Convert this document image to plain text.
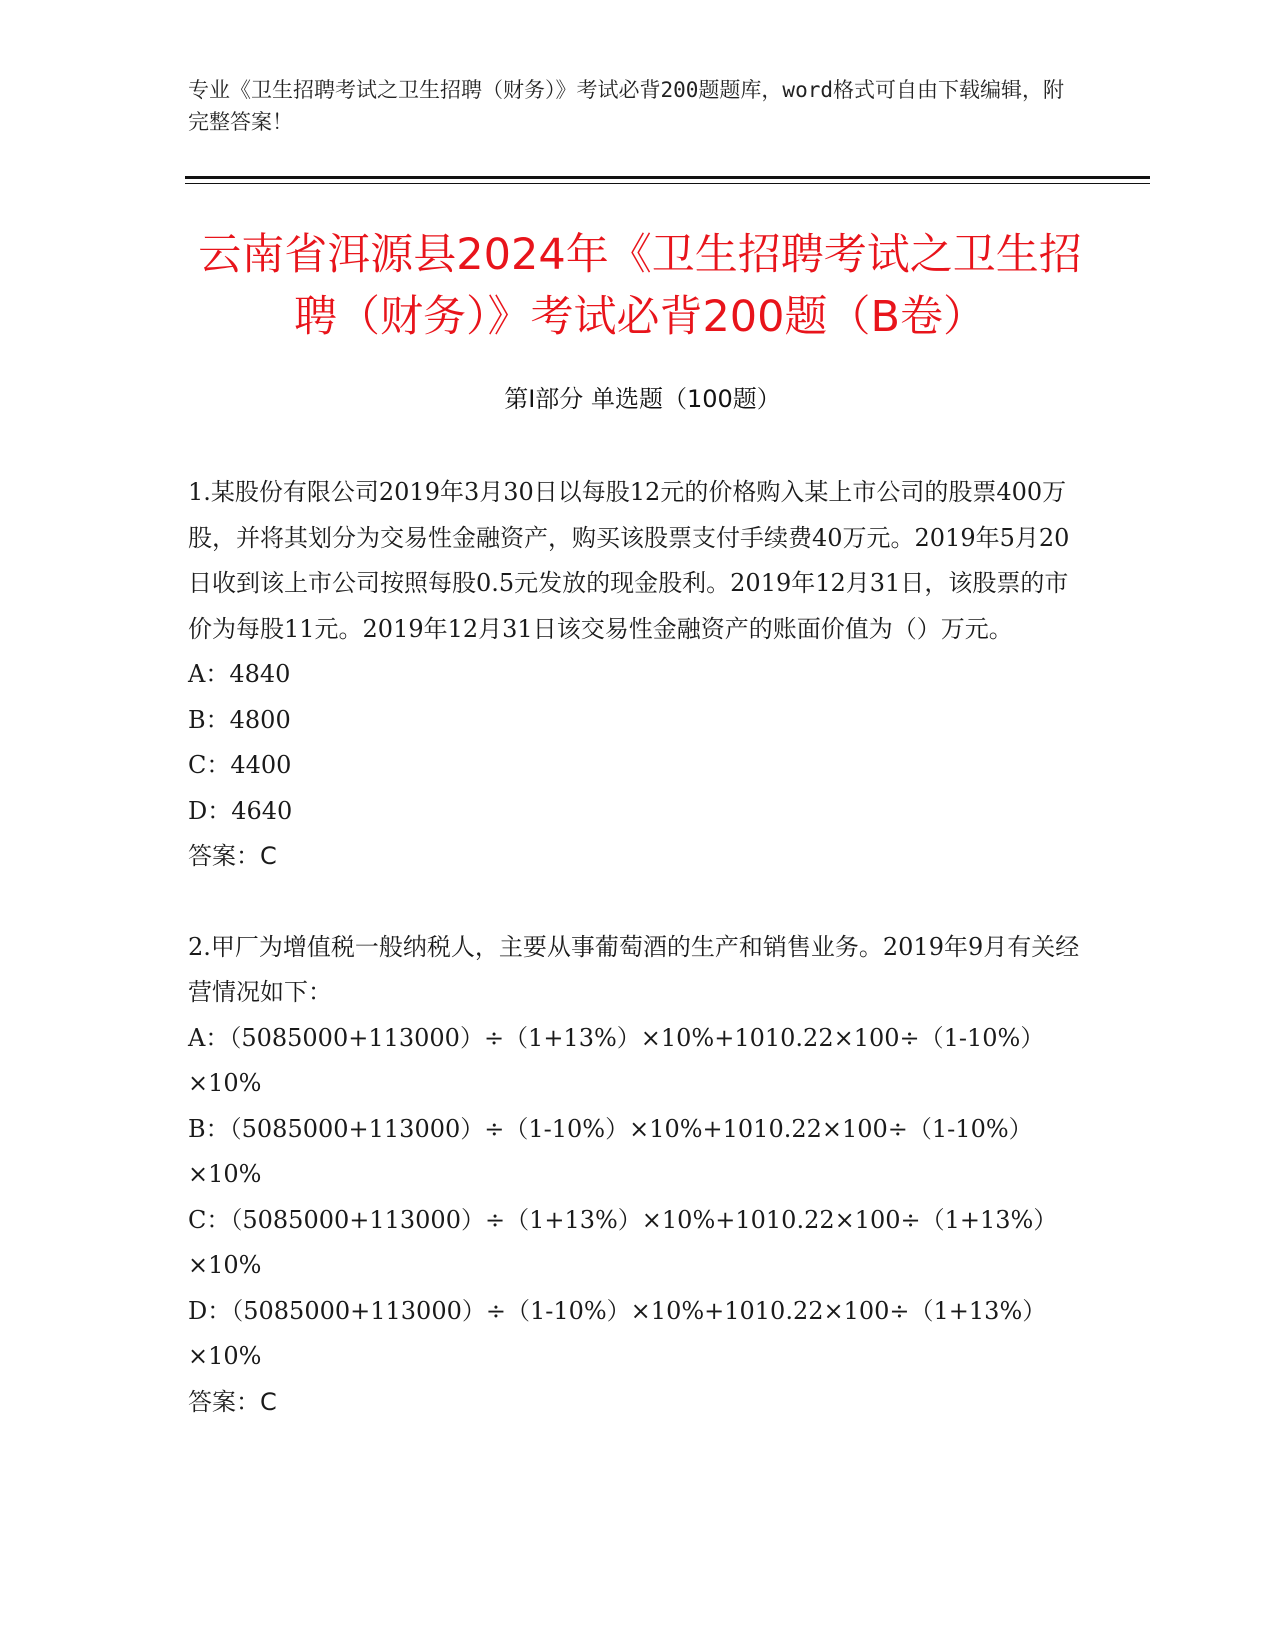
专业《卫生招聘考试之卫生招聘（财务）》考试必背200题题库，word格式可自由下载编辑，附完整答案！
云南省洱源县2024年《卫生招聘考试之卫生招聘（财务）》考试必背200题（B卷）
第Ⅰ部分 单选题（100题）
1.某股份有限公司2019年3月30日以每股12元的价格购入某上市公司的股票400万股，并将其划分为交易性金融资产，购买该股票支付手续费40万元。2019年5月20日收到该上市公司按照每股0.5元发放的现金股利。2019年12月31日，该股票的市价为每股11元。2019年12月31日该交易性金融资产的账面价值为（）万元。
A：4840
B：4800
C：4400
D：4640
答案：C
2.甲厂为增值税一般纳税人，主要从事葡萄酒的生产和销售业务。2019年9月有关经营情况如下：
A：（5085000+113000）÷（1+13%）×10%+1010.22×100÷（1-10%）×10%
B：（5085000+113000）÷（1-10%）×10%+1010.22×100÷（1-10%）×10%
C：（5085000+113000）÷（1+13%）×10%+1010.22×100÷（1+13%）×10%
D：（5085000+113000）÷（1-10%）×10%+1010.22×100÷（1+13%）×10%
答案：C
